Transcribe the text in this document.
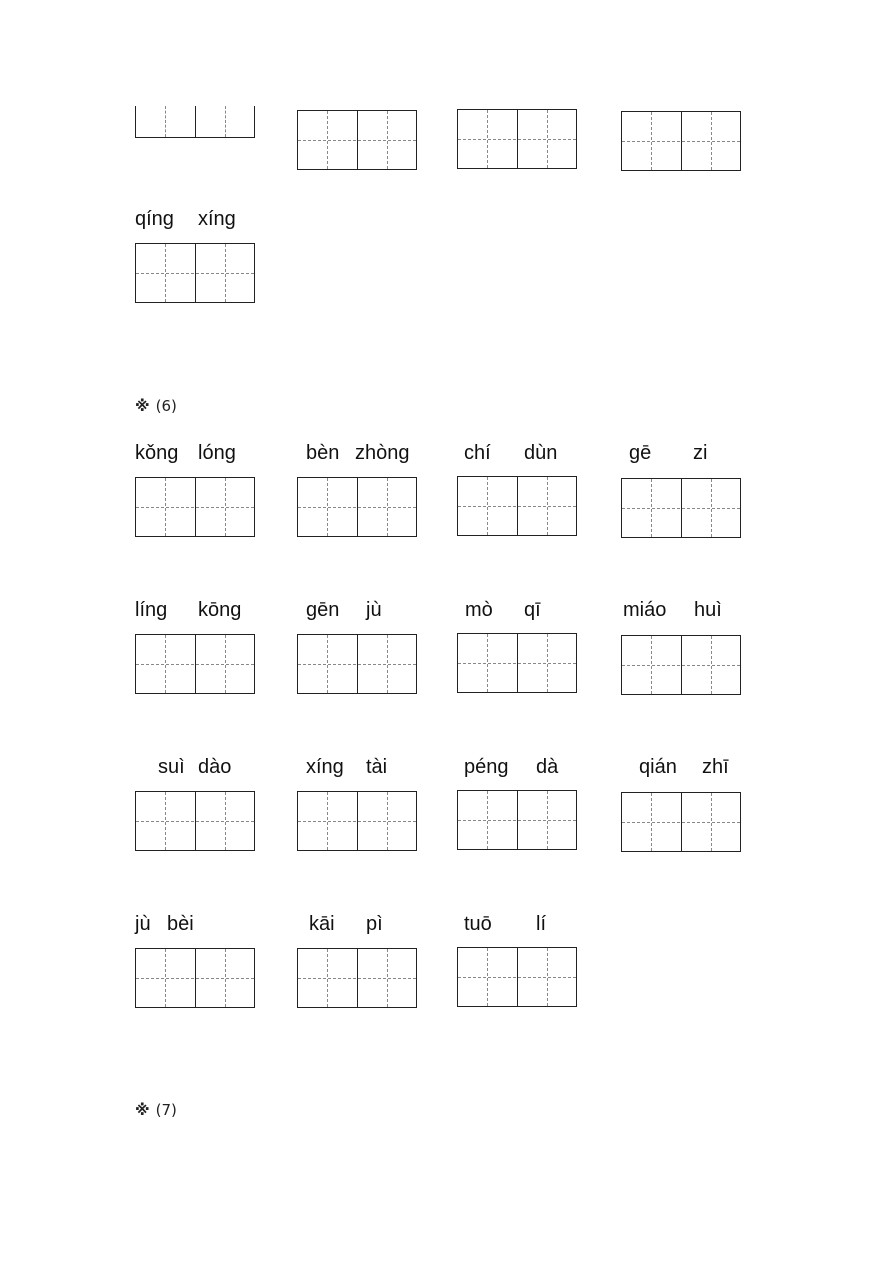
qíng xíng
※ (6)
kǒng lóng	bèn zhòng	chí dùn	gē zi
líng kōng	gēn jù	mò qī	miáo huì
suì dào	xíng tài	péng dà	qián zhī
jù bèi	kāi pì	tuō lí
※ (7)
